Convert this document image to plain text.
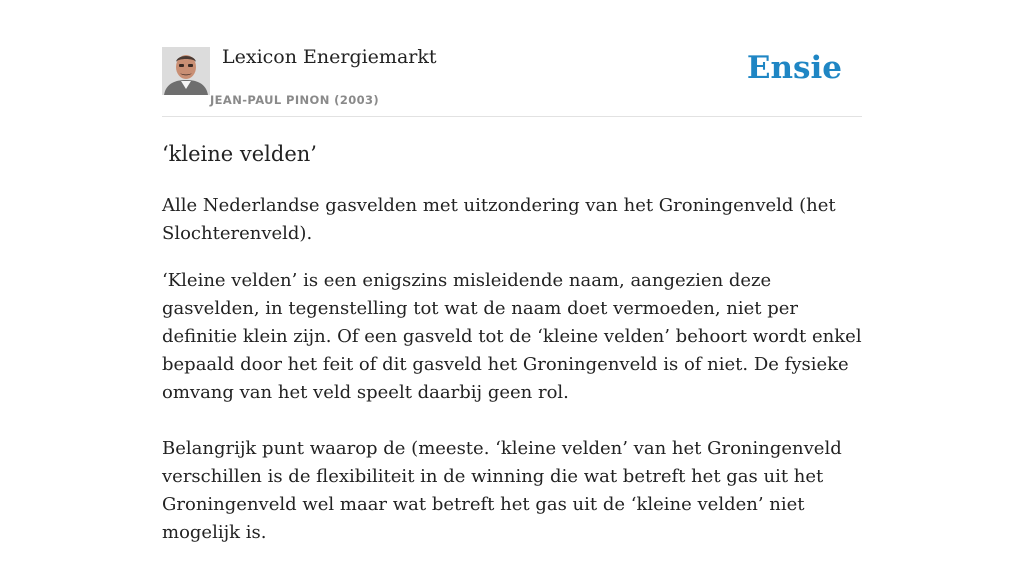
Lexicon Energiemarkt
JEAN-PAUL PINON (2003)
Ensie
‘kleine velden’

Alle Nederlandse gasvelden met uitzondering van het Groningenveld (het Slochterenveld).

‘Kleine velden’ is een enigszins misleidende naam, aangezien deze gasvelden, in tegenstelling tot wat de naam doet vermoeden, niet per definitie klein zijn. Of een gasveld tot de ‘kleine velden’ behoort wordt enkel bepaald door het feit of dit gasveld het Groningenveld is of niet. De fysieke omvang van het veld speelt daarbij geen rol.

Belangrijk punt waarop de (meeste. ‘kleine velden’ van het Groningenveld verschillen is de flexibiliteit in de winning die wat betreft het gas uit het Groningenveld wel maar wat betreft het gas uit de ‘kleine velden’ niet mogelijk is.
